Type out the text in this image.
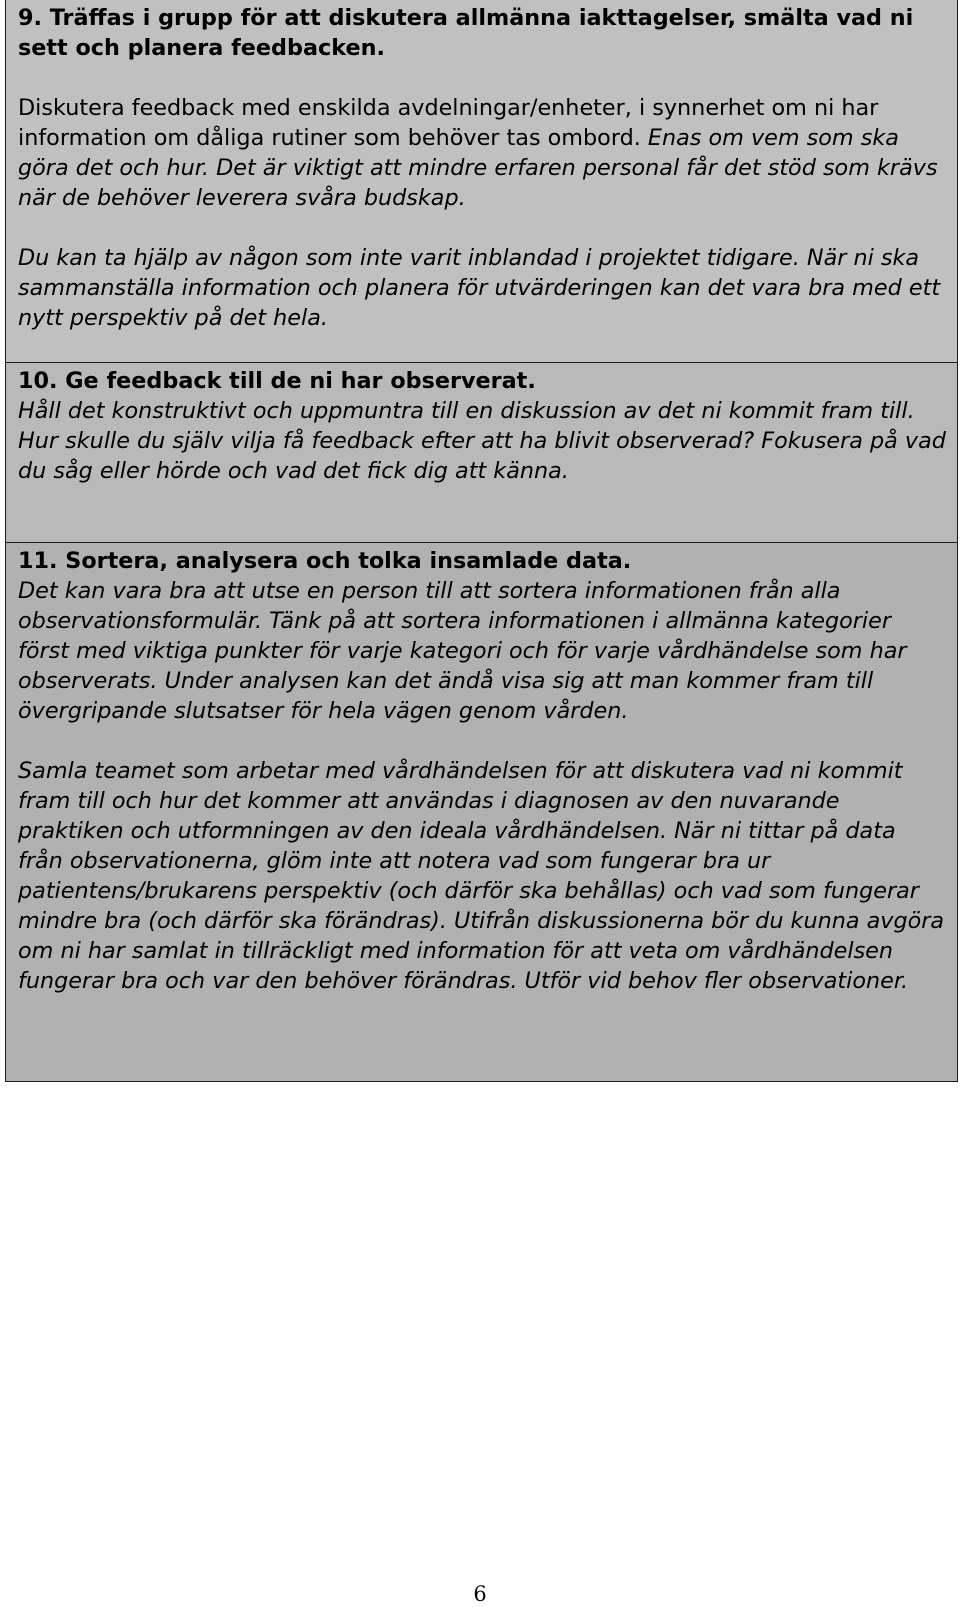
9. Träffas i grupp för att diskutera allmänna iakttagelser, smälta vad ni sett och planera feedbacken.

Diskutera feedback med enskilda avdelningar/enheter, i synnerhet om ni har information om dåliga rutiner som behöver tas ombord. Enas om vem som ska göra det och hur. Det är viktigt att mindre erfaren personal får det stöd som krävs när de behöver leverera svåra budskap.

Du kan ta hjälp av någon som inte varit inblandad i projektet tidigare. När ni ska sammanställa information och planera för utvärderingen kan det vara bra med ett nytt perspektiv på det hela.

10. Ge feedback till de ni har observerat.

Håll det konstruktivt och uppmuntra till en diskussion av det ni kommit fram till. Hur skulle du själv vilja få feedback efter att ha blivit observerad? Fokusera på vad du såg eller hörde och vad det fick dig att känna.

11. Sortera, analysera och tolka insamlade data.

Det kan vara bra att utse en person till att sortera informationen från alla observationsformulär. Tänk på att sortera informationen i allmänna kategorier först med viktiga punkter för varje kategori och för varje vårdhändelse som har observerats. Under analysen kan det ändå visa sig att man kommer fram till övergripande slutsatser för hela vägen genom vården.

Samla teamet som arbetar med vårdhändelsen för att diskutera vad ni kommit fram till och hur det kommer att användas i diagnosen av den nuvarande praktiken och utformningen av den ideala vårdhändelsen. När ni tittar på data från observationerna, glöm inte att notera vad som fungerar bra ur patientens/brukarens perspektiv (och därför ska behållas) och vad som fungerar mindre bra (och därför ska förändras). Utifrån diskussionerna bör du kunna avgöra om ni har samlat in tillräckligt med information för att veta om vårdhändelsen fungerar bra och var den behöver förändras. Utför vid behov fler observationer.

6
